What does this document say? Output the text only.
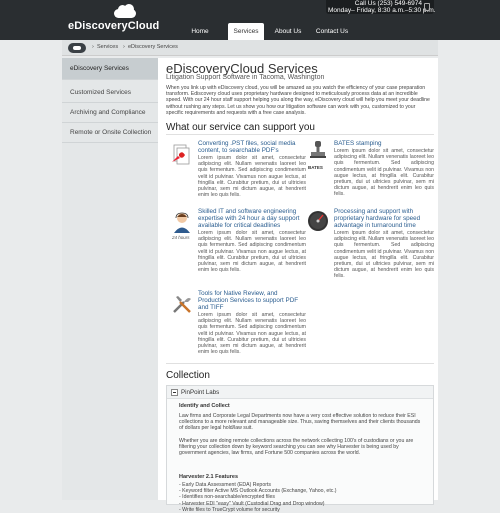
eDiscoveryCloud
Call Us (253) 549-6974
Monday– Friday, 8:30 a.m.–5:30 p.m.
Home	Services	About Us	Contact Us
› Services › eDiscovery Services
eDiscovery Services
Customized Services
Archiving and Compliance
Remote or Onsite Collection
eDiscoveryCloud Services
Litigation Support Software in Tacoma, Washington
When you link up with eDiscovery cloud, you will be amazed as you watch the efficiency of your case preparation transform. Ediscovery cloud uses proprietary hardware designed to meticulously process data at an incredible speed. With our 24 hour staff support helping you along the way, eDiscovery cloud will help you meet your deadline without rushing any steps. Let us show you how our litigation software can work with you, customized to your specific requirements and requests with a free case analysis.
What our service can support you
Converting .PST files, social media content, to searchable PDF's
Lorem ipsum dolor sit amet, consectetur adipiscing elit. Nullam venenatis laoreet leo quis fermentum. Sed adipiscing condimentum velit id pulvinar. Vivamus non augue lectus, at fringilla elit. Curabitur pretium, dui ut ultricies pulvinar, sem mi dictum augue, at hendrerit enim leo quis felis.
BATES
BATES stamping
Lorem ipsum dolor sit amet, consectetur adipiscing elit. Nullam venenatis laoreet leo quis fermentum. Sed adipiscing condimentum velit id pulvinar. Vivamus non augue lectus, at fringilla elit. Curabitur pretium, dui ut ultricies pulvinar, sem mi dictum augue, at hendrerit enim leo quis felis.
24 hours
Skilled IT and software engineering expertise with 24 hour a day support available for critical deadlines
Lorem ipsum dolor sit amet, consectetur adipiscing elit. Nullam venenatis laoreet leo quis fermentum. Sed adipiscing condimentum velit id pulvinar. Vivamus non augue lectus, at fringilla elit. Curabitur pretium, dui ut ultricies pulvinar, sem mi dictum augue, at hendrerit enim leo quis felis.
Processing and support with proprietary hardware for speed advantage in turnaround time
Lorem ipsum dolor sit amet, consectetur adipiscing elit. Nullam venenatis laoreet leo quis fermentum. Sed adipiscing condimentum velit id pulvinar. Vivamus non augue lectus, at fringilla elit. Curabitur pretium, dui ut ultricies pulvinar, sem mi dictum augue, at hendrerit enim leo quis felis.
Tools for Native Review, and Production Services to support PDF and TIFF
Lorem ipsum dolor sit amet, consectetur adipiscing elit. Nullam venenatis laoreet leo quis fermentum. Sed adipiscing condimentum velit id pulvinar. Vivamus non augue lectus, at fringilla elit. Curabitur pretium, dui ut ultricies pulvinar, sem mi dictum augue, at hendrerit enim leo quis felis.
Collection
PinPoint Labs
Identify and Collect
Law firms and Corporate Legal Departments now have a very cost effective solution to reduce their ESI collections to a more relevant and manageable size. Thus, saving themselves and their clients thousands of dollars per legal hold/law suit.
Whether you are doing remote collections across the network collecting 100's of custodians or you are filtering your collection down by keyword searching you can see why Harvester is being used by government agencies, law firms, and Fortune 500 companies across the world.
Harvester 2.1 Features
- Early Data Assessment (EDA) Reports
- Keyword filter Active MS Outlook Accounts (Exchange, Yahoo, etc.)
- Identifies non-searchable/encrypted files
- Harvester EDI "easy" Vault (Custodial Drag and Drop window)
- Write files to TrueCrypt volume for security
